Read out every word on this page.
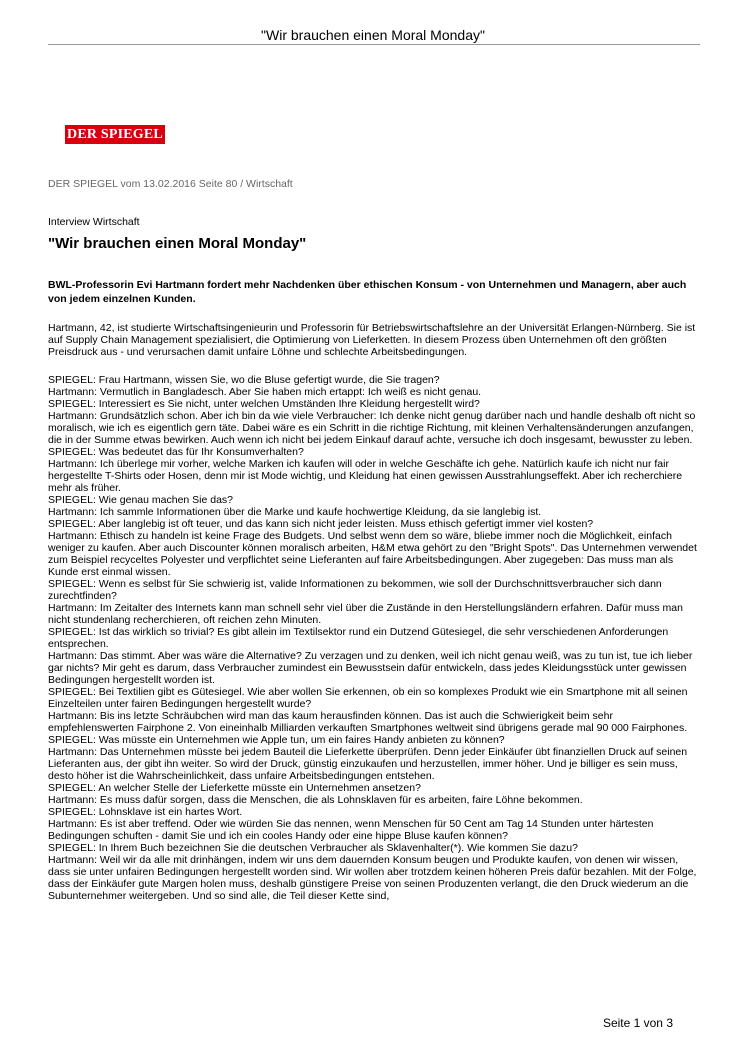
"Wir brauchen einen Moral Monday"
DER SPIEGEL
DER SPIEGEL vom 13.02.2016 Seite 80 / Wirtschaft
Interview Wirtschaft
"Wir brauchen einen Moral Monday"
BWL-Professorin Evi Hartmann fordert mehr Nachdenken über ethischen Konsum - von Unternehmen und Managern, aber auch von jedem einzelnen Kunden.
Hartmann, 42, ist studierte Wirtschaftsingenieurin und Professorin für Betriebswirtschaftslehre an der Universität Erlangen-Nürnberg. Sie ist auf Supply Chain Management spezialisiert, die Optimierung von Lieferketten. In diesem Prozess üben Unternehmen oft den größten Preisdruck aus - und verursachen damit unfaire Löhne und schlechte Arbeitsbedingungen.

SPIEGEL: Frau Hartmann, wissen Sie, wo die Bluse gefertigt wurde, die Sie tragen?

Hartmann: Vermutlich in Bangladesch. Aber Sie haben mich ertappt: Ich weiß es nicht genau.

SPIEGEL: Interessiert es Sie nicht, unter welchen Umständen Ihre Kleidung hergestellt wird?

Hartmann: Grundsätzlich schon. Aber ich bin da wie viele Verbraucher: Ich denke nicht genug darüber nach und handle deshalb oft nicht so moralisch, wie ich es eigentlich gern täte. Dabei wäre es ein Schritt in die richtige Richtung, mit kleinen Verhaltensänderungen anzufangen, die in der Summe etwas bewirken. Auch wenn ich nicht bei jedem Einkauf darauf achte, versuche ich doch insgesamt, bewusster zu leben.

SPIEGEL: Was bedeutet das für Ihr Konsumverhalten?

Hartmann: Ich überlege mir vorher, welche Marken ich kaufen will oder in welche Geschäfte ich gehe. Natürlich kaufe ich nicht nur fair hergestellte T-Shirts oder Hosen, denn mir ist Mode wichtig, und Kleidung hat einen gewissen Ausstrahlungseffekt. Aber ich recherchiere mehr als früher.

SPIEGEL: Wie genau machen Sie das?

Hartmann: Ich sammle Informationen über die Marke und kaufe hochwertige Kleidung, da sie langlebig ist.

SPIEGEL: Aber langlebig ist oft teuer, und das kann sich nicht jeder leisten. Muss ethisch gefertigt immer viel kosten?

Hartmann: Ethisch zu handeln ist keine Frage des Budgets. Und selbst wenn dem so wäre, bliebe immer noch die Möglichkeit, einfach weniger zu kaufen. Aber auch Discounter können moralisch arbeiten, H&M etwa gehört zu den "Bright Spots". Das Unternehmen verwendet zum Beispiel recyceltes Polyester und verpflichtet seine Lieferanten auf faire Arbeitsbedingungen. Aber zugegeben: Das muss man als Kunde erst einmal wissen.

SPIEGEL: Wenn es selbst für Sie schwierig ist, valide Informationen zu bekommen, wie soll der Durchschnittsverbraucher sich dann zurechtfinden?

Hartmann: Im Zeitalter des Internets kann man schnell sehr viel über die Zustände in den Herstellungsländern erfahren. Dafür muss man nicht stundenlang recherchieren, oft reichen zehn Minuten.

SPIEGEL: Ist das wirklich so trivial? Es gibt allein im Textilsektor rund ein Dutzend Gütesiegel, die sehr verschiedenen Anforderungen entsprechen.

Hartmann: Das stimmt. Aber was wäre die Alternative? Zu verzagen und zu denken, weil ich nicht genau weiß, was zu tun ist, tue ich lieber gar nichts? Mir geht es darum, dass Verbraucher zumindest ein Bewusstsein dafür entwickeln, dass jedes Kleidungsstück unter gewissen Bedingungen hergestellt worden ist.

SPIEGEL: Bei Textilien gibt es Gütesiegel. Wie aber wollen Sie erkennen, ob ein so komplexes Produkt wie ein Smartphone mit all seinen Einzelteilen unter fairen Bedingungen hergestellt wurde?

Hartmann: Bis ins letzte Schräubchen wird man das kaum herausfinden können. Das ist auch die Schwierigkeit beim sehr empfehlenswerten Fairphone 2. Von eineinhalb Milliarden verkauften Smartphones weltweit sind übrigens gerade mal 90 000 Fairphones.

SPIEGEL: Was müsste ein Unternehmen wie Apple tun, um ein faires Handy anbieten zu können?

Hartmann: Das Unternehmen müsste bei jedem Bauteil die Lieferkette überprüfen. Denn jeder Einkäufer übt finanziellen Druck auf seinen Lieferanten aus, der gibt ihn weiter. So wird der Druck, günstig einzukaufen und herzustellen, immer höher. Und je billiger es sein muss, desto höher ist die Wahrscheinlichkeit, dass unfaire Arbeitsbedingungen entstehen.

SPIEGEL: An welcher Stelle der Lieferkette müsste ein Unternehmen ansetzen?

Hartmann: Es muss dafür sorgen, dass die Menschen, die als Lohnsklaven für es arbeiten, faire Löhne bekommen.

SPIEGEL: Lohnsklave ist ein hartes Wort.

Hartmann: Es ist aber treffend. Oder wie würden Sie das nennen, wenn Menschen für 50 Cent am Tag 14 Stunden unter härtesten Bedingungen schuften - damit Sie und ich ein cooles Handy oder eine hippe Bluse kaufen können?

SPIEGEL: In Ihrem Buch bezeichnen Sie die deutschen Verbraucher als Sklavenhalter(*). Wie kommen Sie dazu?

Hartmann: Weil wir da alle mit drinhängen, indem wir uns dem dauernden Konsum beugen und Produkte kaufen, von denen wir wissen, dass sie unter unfairen Bedingungen hergestellt worden sind. Wir wollen aber trotzdem keinen höheren Preis dafür bezahlen. Mit der Folge, dass der Einkäufer gute Margen holen muss, deshalb günstigere Preise von seinen Produzenten verlangt, die den Druck wiederum an die Subunternehmer weitergeben. Und so sind alle, die Teil dieser Kette sind,

Seite 1 von 3
